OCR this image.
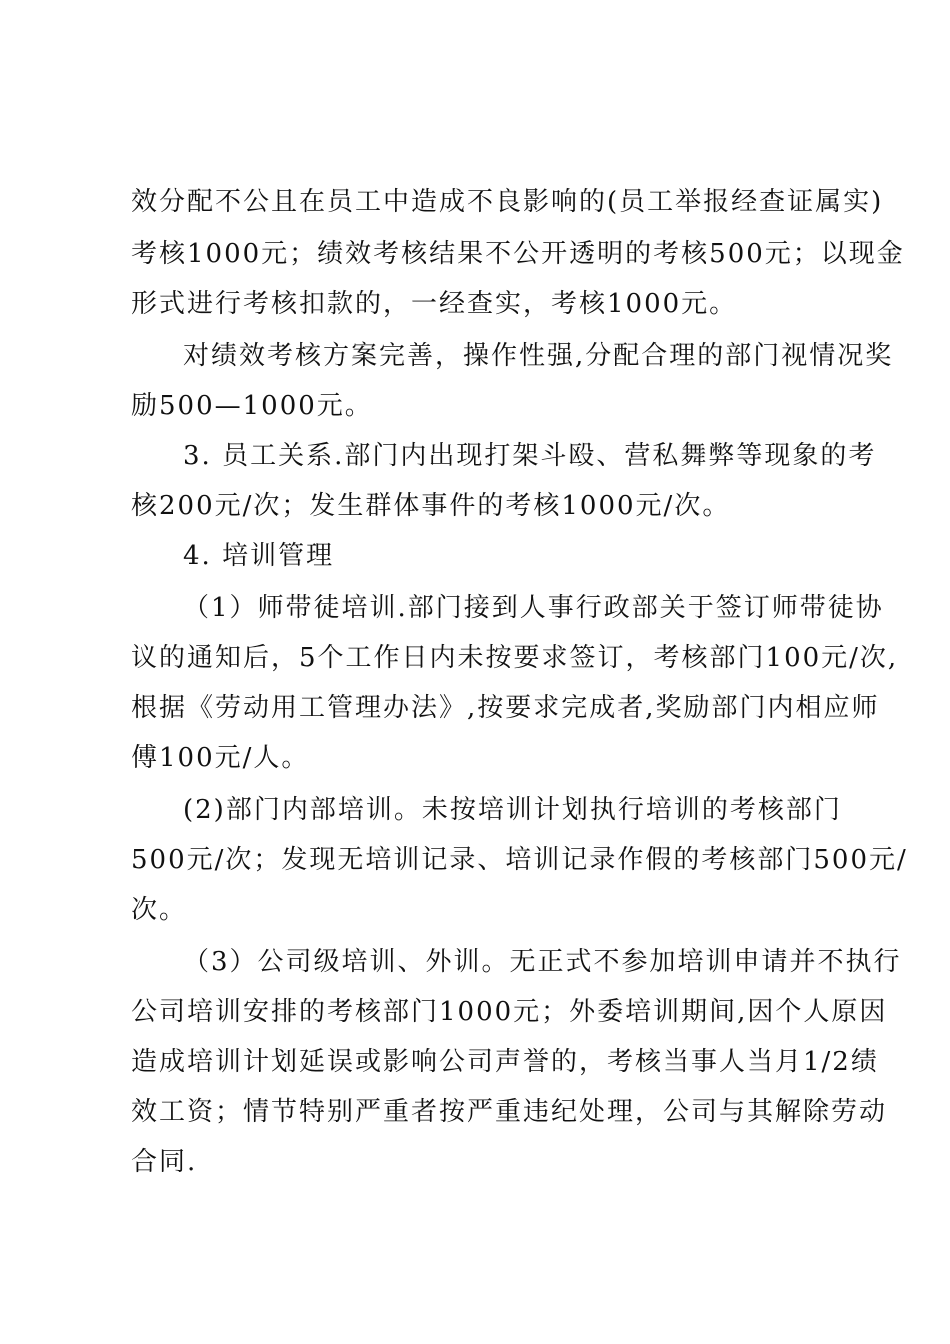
效分配不公且在员工中造成不良影响的(员工举报经查证属实)
考核1000元；绩效考核结果不公开透明的考核500元；以现金
形式进行考核扣款的，一经查实，考核1000元。
对绩效考核方案完善，操作性强,分配合理的部门视情况奖
励500—1000元。
3. 员工关系.部门内出现打架斗殴、营私舞弊等现象的考
核200元/次；发生群体事件的考核1000元/次。
4. 培训管理
（1）师带徒培训.部门接到人事行政部关于签订师带徒协
议的通知后，5个工作日内未按要求签订，考核部门100元/次,
根据《劳动用工管理办法》,按要求完成者,奖励部门内相应师
傅100元/人。
(2)部门内部培训。未按培训计划执行培训的考核部门
500元/次；发现无培训记录、培训记录作假的考核部门500元/
次。
（3）公司级培训、外训。无正式不参加培训申请并不执行
公司培训安排的考核部门1000元；外委培训期间,因个人原因
造成培训计划延误或影响公司声誉的，考核当事人当月1/2绩
效工资；情节特别严重者按严重违纪处理，公司与其解除劳动
合同.
